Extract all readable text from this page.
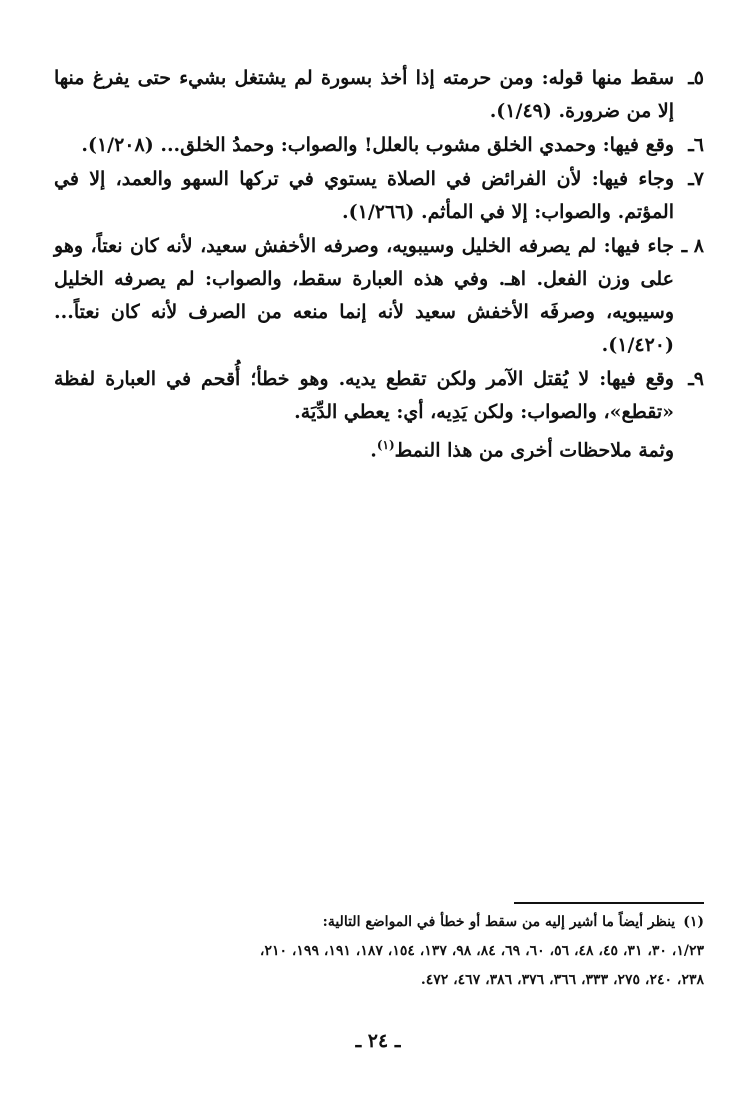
٥ـ
سقط منها قوله: ومن حرمته إذا أخذ بسورة لم يشتغل بشيء حتى يفرغ منها إلا من ضرورة. (١/٤٩).
٦ـ
وقع فيها: وحمدي الخلق مشوب بالعلل! والصواب: وحمدُ الخلق... (١/٢٠٨).
٧ـ
وجاء فيها: لأن الفرائض في الصلاة يستوي في تركها السهو والعمد، إلا في المؤتم. والصواب: إلا في المأثم. (١/٢٦٦).
٨ ـ
جاء فيها: لم يصرفه الخليل وسيبويه، وصرفه الأخفش سعيد، لأنه كان نعتاً، وهو على وزن الفعل. اهـ. وفي هذه العبارة سقط، والصواب: لم يصرفه الخليل وسيبويه، وصرفَه الأخفش سعيد لأنه إنما منعه من الصرف لأنه كان نعتاً... (١/٤٢٠).
٩ـ
وقع فيها: لا يُقتل الآمر ولكن تقطع يديه. وهو خطأ؛ أُقحم في العبارة لفظة «تقطع»، والصواب: ولكن يَدِيه، أي: يعطي الدِّيَة.
وثمة ملاحظات أخرى من هذا النمط$^{(١)}$.
(١)ينظر أيضاً ما أشير إليه من سقط أو خطأ في المواضع التالية:
١/٢٣، ٣٠، ٣١، ٤٥، ٤٨، ٥٦، ٦٠، ٦٩، ٨٤، ٩٨، ١٣٧، ١٥٤، ١٨٧، ١٩١، ١٩٩، ٢١٠،
٢٣٨، ٢٤٠، ٢٧٥، ٣٣٣، ٣٦٦، ٣٧٦، ٣٨٦، ٤٦٧، ٤٧٢.
ـ ٢٤ ـ
